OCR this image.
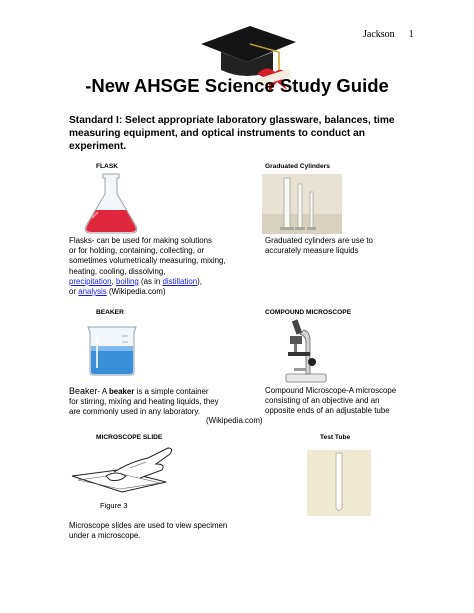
Jackson 1
-New AHSGE Science Study Guide
Standard I: Select appropriate laboratory glassware, balances, time measuring equipment, and optical instruments to conduct an experiment.
FLASK
Flasks- can be used for making solutions
or for holding, containing, collecting, or
sometimes volumetrically measuring, mixing,
heating, cooling, dissolving,
precipitation, boiling (as in distillation),
or analysis (Wikipedia.com)
Graduated Cylinders
Graduated cylinders are use to
accurately measure liquids
BEAKER
Beaker- A beaker is a simple container
for stirring, mixing and heating liquids, they
are commonly used in any laboratory.
COMPOUND MICROSCOPE
Compound Microscope-A microscope
consisting of an objective and an
opposite ends of an adjustable tube
(Wikipedia.com)
MICROSCOPE SLIDE
Figure 3
Microscope slides are used to view specimen
under a microscope.
Test Tube
